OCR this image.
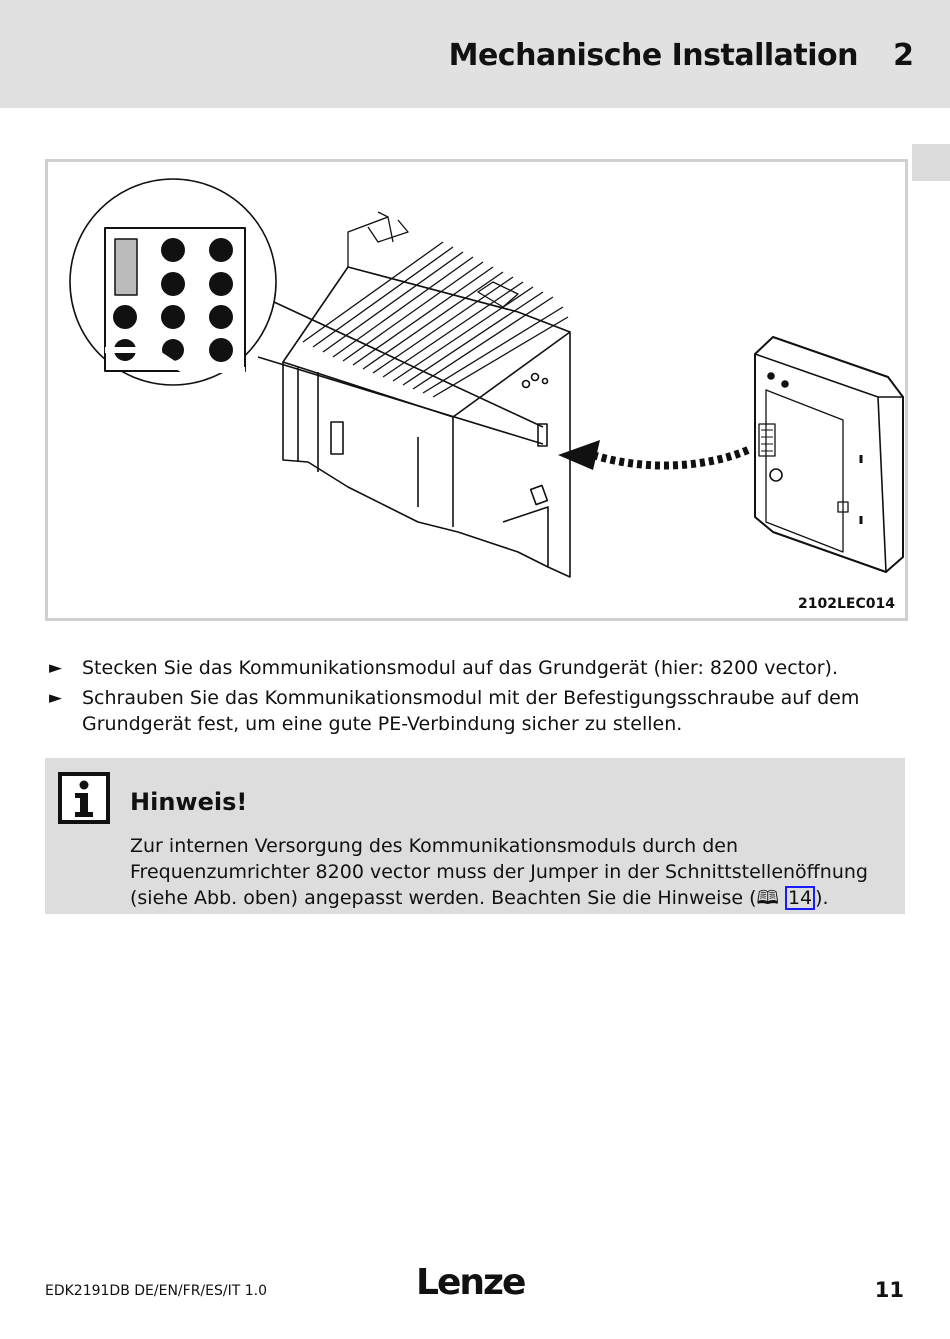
Mechanische Installation 2
2102LEC014
► Stecken Sie das Kommunikationsmodul auf das Grundgerät (hier: 8200 vector).
► Schrauben Sie das Kommunikationsmodul mit der Befestigungsschraube auf dem Grundgerät fest, um eine gute PE-Verbindung sicher zu stellen.
Hinweis!
Zur internen Versorgung des Kommunikationsmoduls durch den Frequenzumrichter 8200 vector muss der Jumper in der Schnittstellenöffnung (siehe Abb. oben) angepasst werden. Beachten Sie die Hinweise (🕮 14 ).
EDK2191DB DE/EN/FR/ES/IT 1.0	Lenze	11
